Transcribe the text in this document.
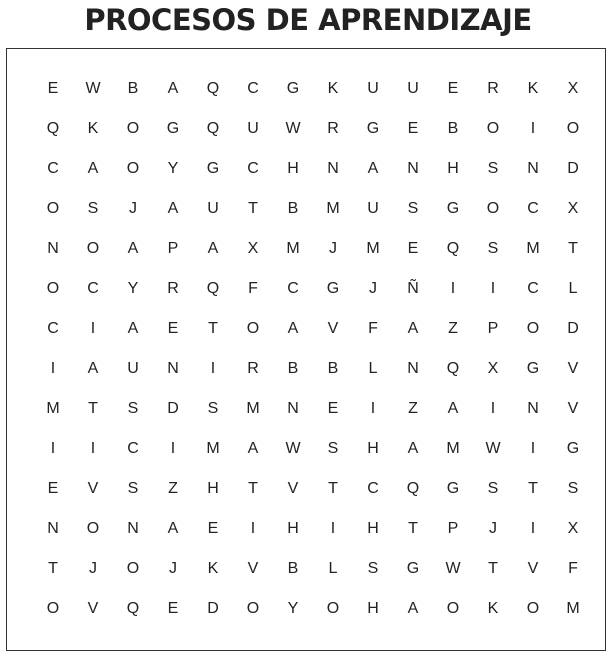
PROCESOS DE APRENDIZAJE
E	W	B	A	Q	C	G	K	U	U	E	R	K	X
Q	K	O	G	Q	U	W	R	G	E	B	O	I	O
C	A	O	Y	G	C	H	N	A	N	H	S	N	D
O	S	J	A	U	T	B	M	U	S	G	O	C	X
N	O	A	P	A	X	M	J	M	E	Q	S	M	T
O	C	Y	R	Q	F	C	G	J	Ñ	I	I	C	L
C	I	A	E	T	O	A	V	F	A	Z	P	O	D
I	A	U	N	I	R	B	B	L	N	Q	X	G	V
M	T	S	D	S	M	N	E	I	Z	A	I	N	V
I	I	C	I	M	A	W	S	H	A	M	W	I	G
E	V	S	Z	H	T	V	T	C	Q	G	S	T	S
N	O	N	A	E	I	H	I	H	T	P	J	I	X
T	J	O	J	K	V	B	L	S	G	W	T	V	F
O	V	Q	E	D	O	Y	O	H	A	O	K	O	M
